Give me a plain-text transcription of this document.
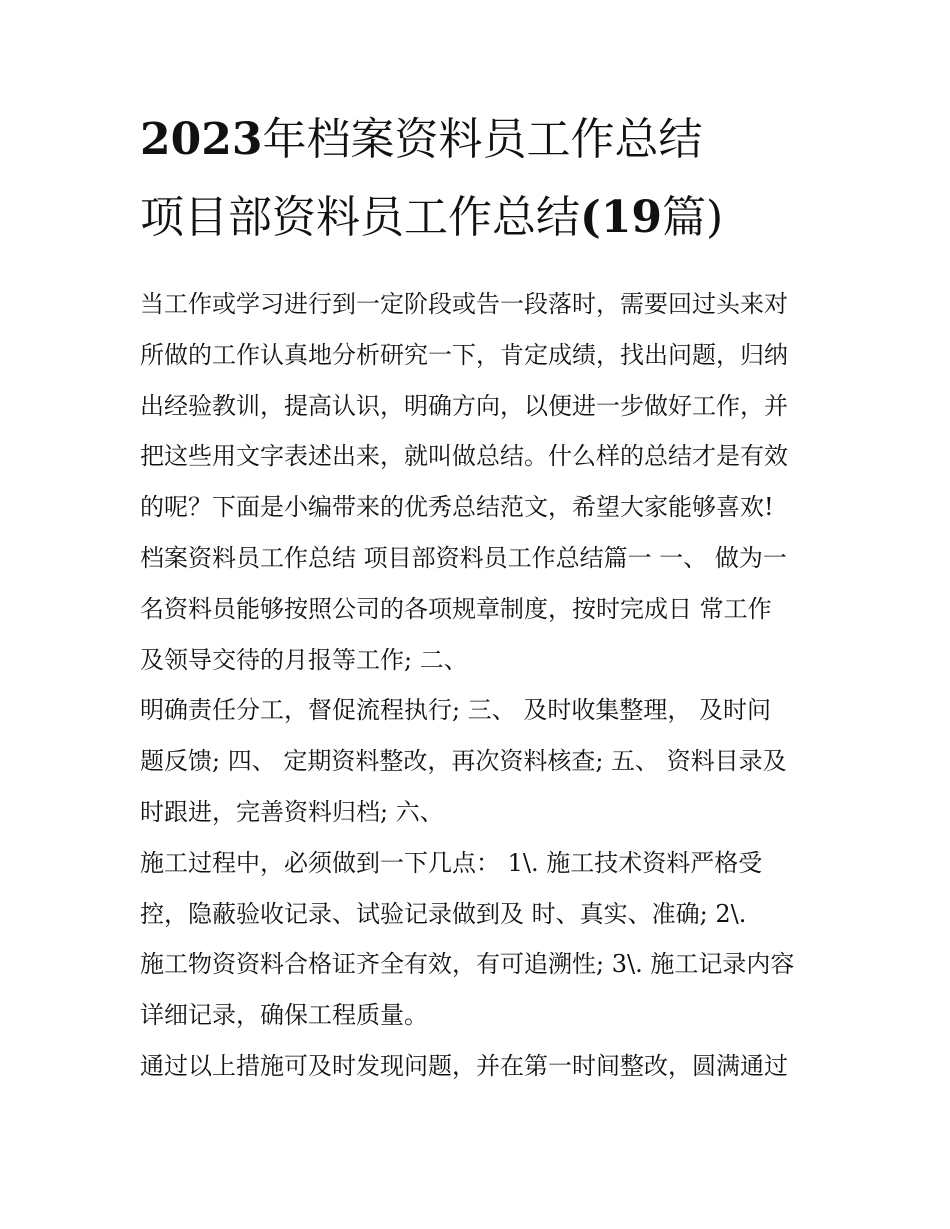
2023年档案资料员工作总结
项目部资料员工作总结(19篇)
当工作或学习进行到一定阶段或告一段落时，需要回过头来对
所做的工作认真地分析研究一下，肯定成绩，找出问题，归纳
出经验教训，提高认识，明确方向，以便进一步做好工作，并
把这些用文字表述出来，就叫做总结。什么样的总结才是有效
的呢？下面是小编带来的优秀总结范文，希望大家能够喜欢!
档案资料员工作总结 项目部资料员工作总结篇一 一、 做为一
名资料员能够按照公司的各项规章制度，按时完成日 常工作
及领导交待的月报等工作; 二、
明确责任分工，督促流程执行; 三、 及时收集整理， 及时问
题反馈; 四、 定期资料整改，再次资料核查; 五、 资料目录及
时跟进，完善资料归档; 六、
施工过程中，必须做到一下几点： 1\. 施工技术资料严格受
控，隐蔽验收记录、试验记录做到及 时、真实、准确; 2\.
施工物资资料合格证齐全有效，有可追溯性; 3\. 施工记录内容
详细记录，确保工程质量。
通过以上措施可及时发现问题，并在第一时间整改，圆满通过
